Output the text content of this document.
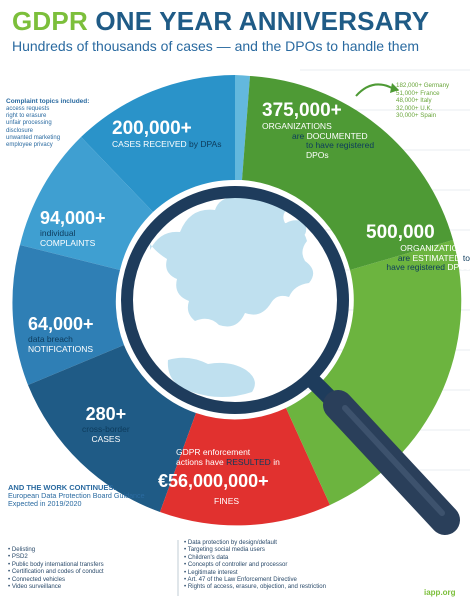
GDPR ONE YEAR ANNIVERSARY
Hundreds of thousands of cases — and the DPOs to handle them
Complaint topics included:
access requests
right to erasure
unfair processing
disclosure
unwanted marketing
employee privacy
182,000+ Germany
51,000+ France
48,000+ Italy
32,000+ U.K.
30,000+ Spain
200,000+
CASES RECEIVED by DPAs
94,000+
individual
COMPLAINTS
64,000+
data breach
NOTIFICATIONS
280+
cross-border
CASES
375,000+
ORGANIZATIONS
are DOCUMENTED
to have registered
DPOs
500,000
ORGANIZATIONS
are ESTIMATED to
have registered DPOs
GDPR enforcement
actions have RESULTED in
€56,000,000+
FINES
AND THE WORK CONTINUES.
European Data Protection Board Guidance
Expected in 2019/2020
• Delisting
• PSD2
• Public body international transfers
• Certification and codes of conduct
• Connected vehicles
• Video surveillance
• Data protection by design/default
• Targeting social media users
• Children's data
• Concepts of controller and processor
• Legitimate interest
• Art. 47 of the Law Enforcement Directive
• Rights of access, erasure, objection, and restriction
iapp.org
